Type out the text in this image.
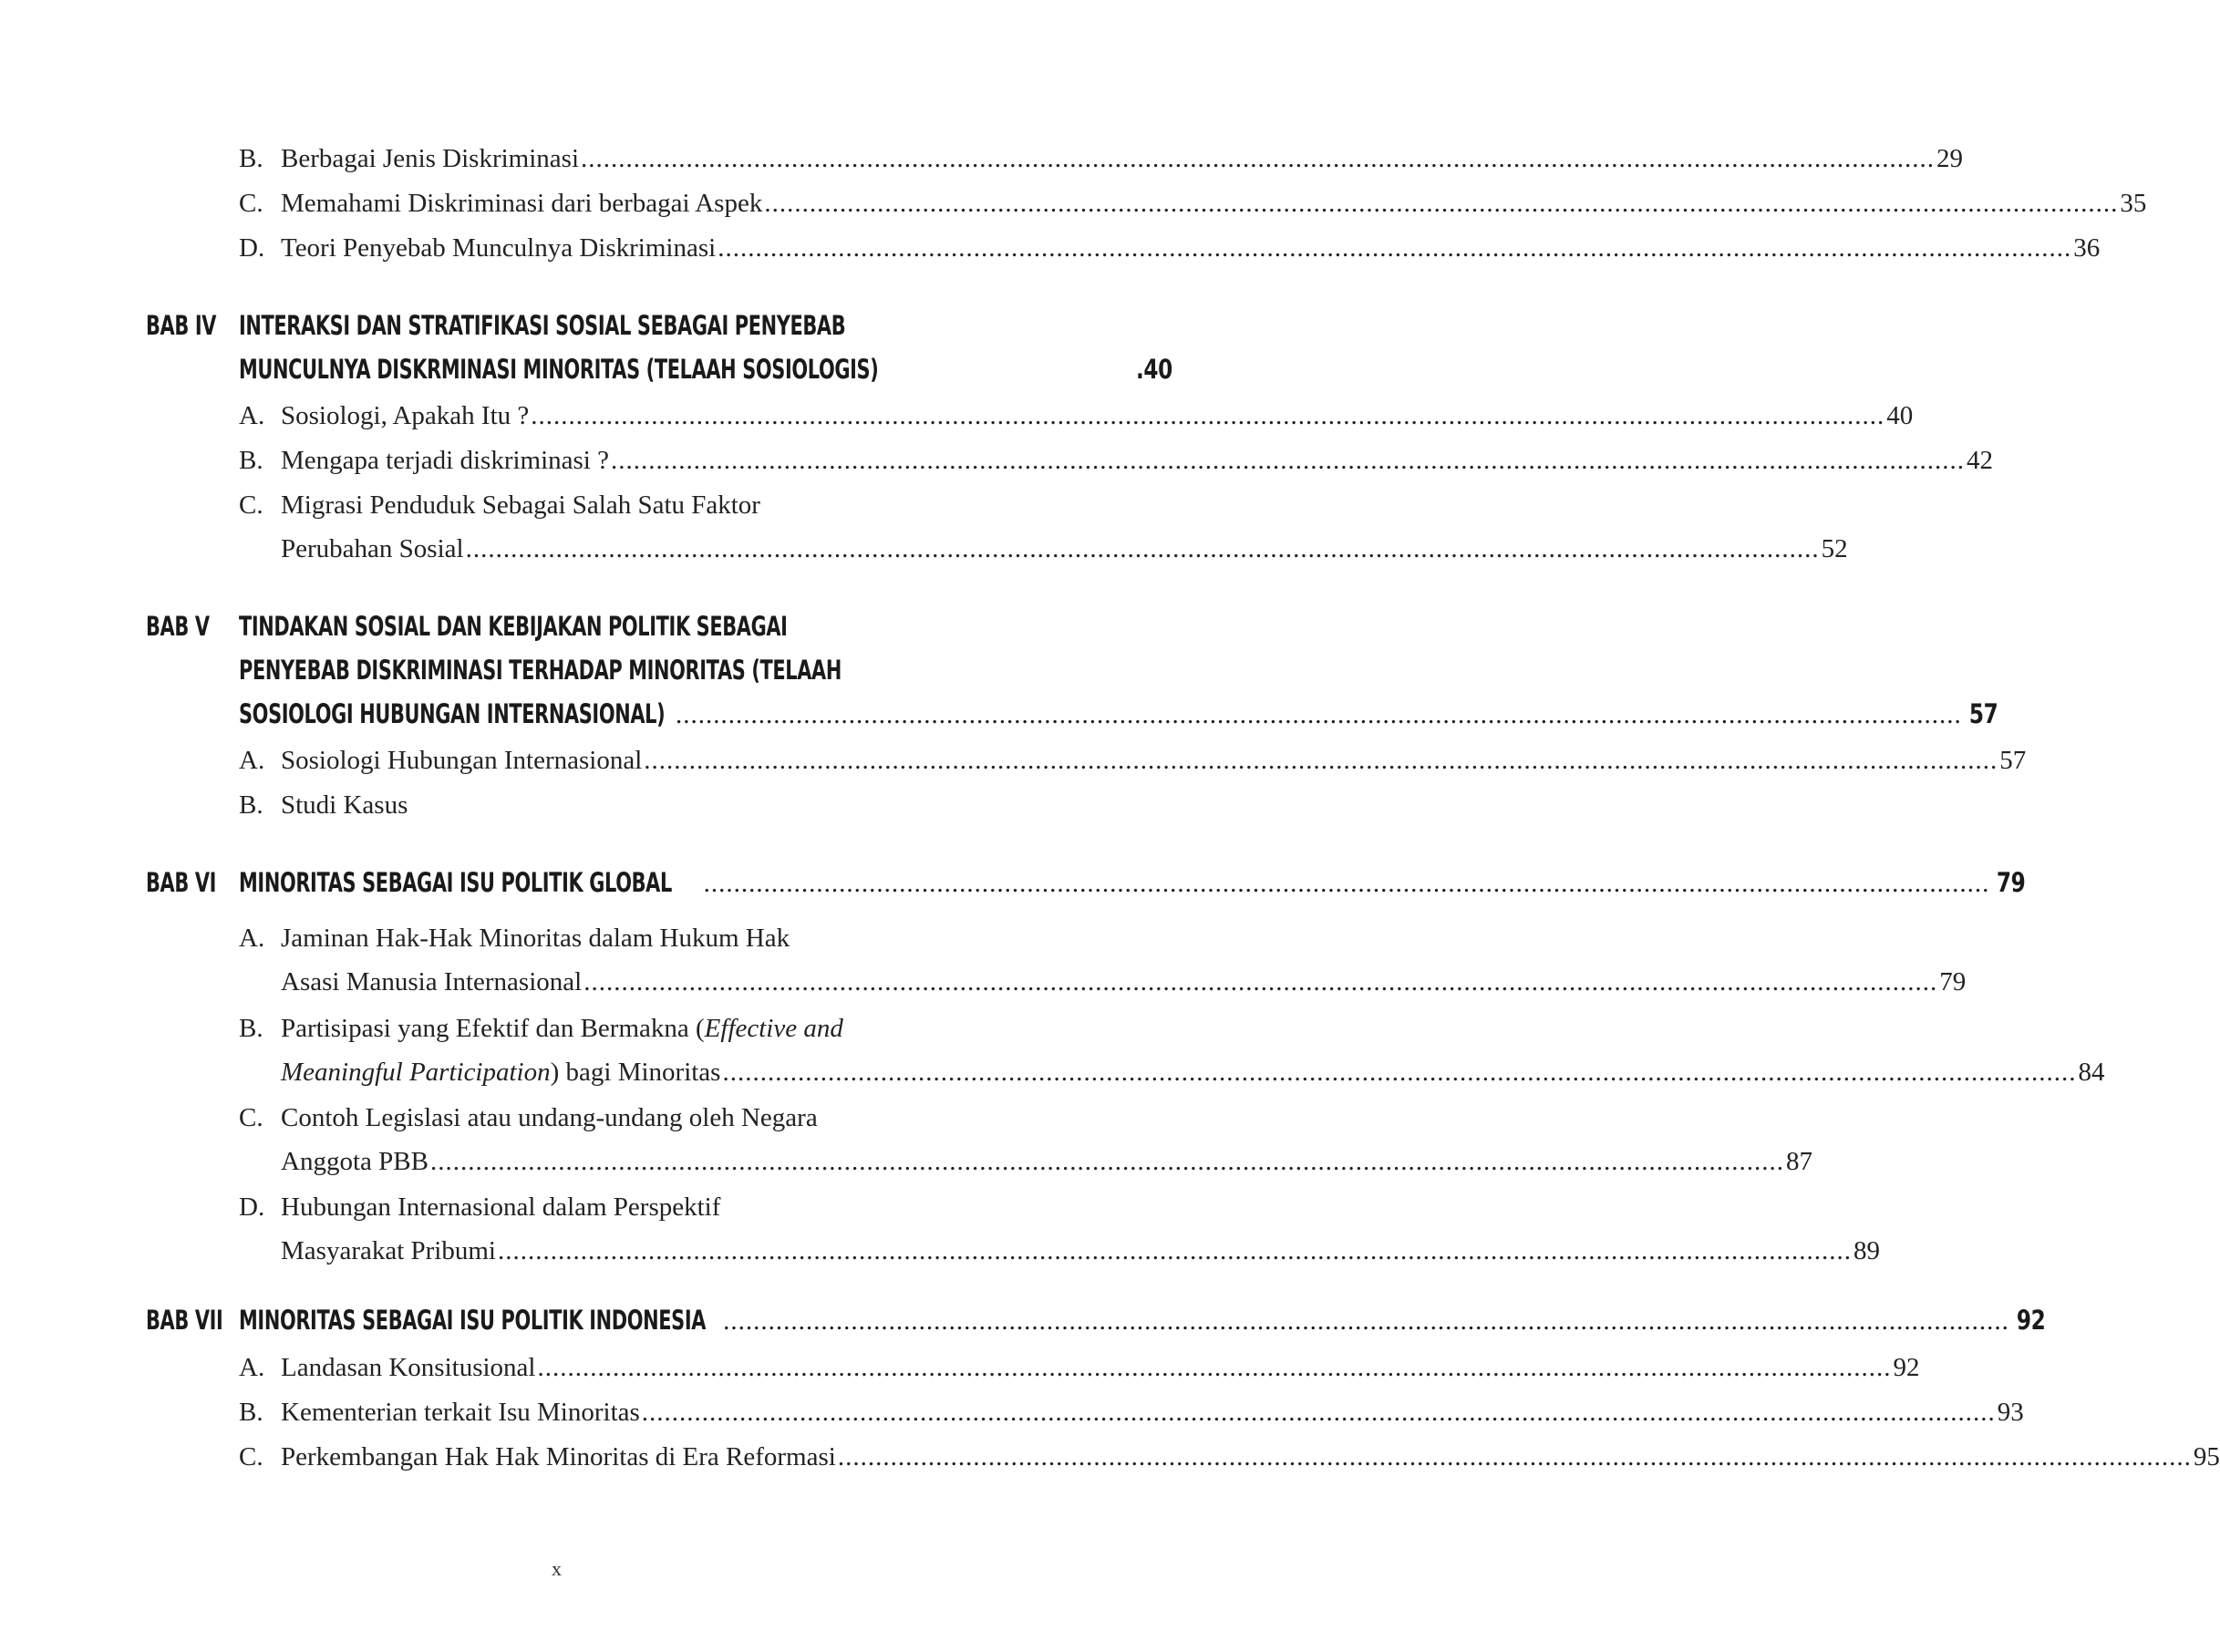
B. Berbagai Jenis Diskriminasi .....	29
C. Memahami Diskriminasi dari berbagai Aspek .....	35
D. Teori Penyebab Munculnya Diskriminasi .....	36
BAB IV INTERAKSI DAN STRATIFIKASI SOSIAL SEBAGAI PENYEBAB
MUNCULNYA DISKRMINASI MINORITAS (TELAAH SOSIOLOGIS)	.40
A. Sosiologi, Apakah Itu ? .....	40
B. Mengapa terjadi diskriminasi ? .....	42
C. Migrasi Penduduk Sebagai Salah Satu Faktor
Perubahan Sosial .....	52
BAB V TINDAKAN SOSIAL DAN KEBIJAKAN POLITIK SEBAGAI
PENYEBAB DISKRIMINASI TERHADAP MINORITAS (TELAAH
SOSIOLOGI HUBUNGAN INTERNASIONAL) .....	57
A. Sosiologi Hubungan Internasional .....	57
B. Studi Kasus
BAB VI MINORITAS SEBAGAI ISU POLITIK GLOBAL .....	79
A. Jaminan Hak-Hak Minoritas dalam Hukum Hak
Asasi Manusia Internasional .....	79
B. Partisipasi yang Efektif dan Bermakna (Effective and
Meaningful Participation) bagi Minoritas .....	84
C. Contoh Legislasi atau undang-undang oleh Negara
Anggota PBB .....	87
D. Hubungan Internasional dalam Perspektif
Masyarakat Pribumi .....	89
BAB VII MINORITAS SEBAGAI ISU POLITIK INDONESIA .....	92
A. Landasan Konsitusional .....	92
B. Kementerian terkait Isu Minoritas .....	93
C. Perkembangan Hak Hak Minoritas di Era Reformasi .....	95
x
